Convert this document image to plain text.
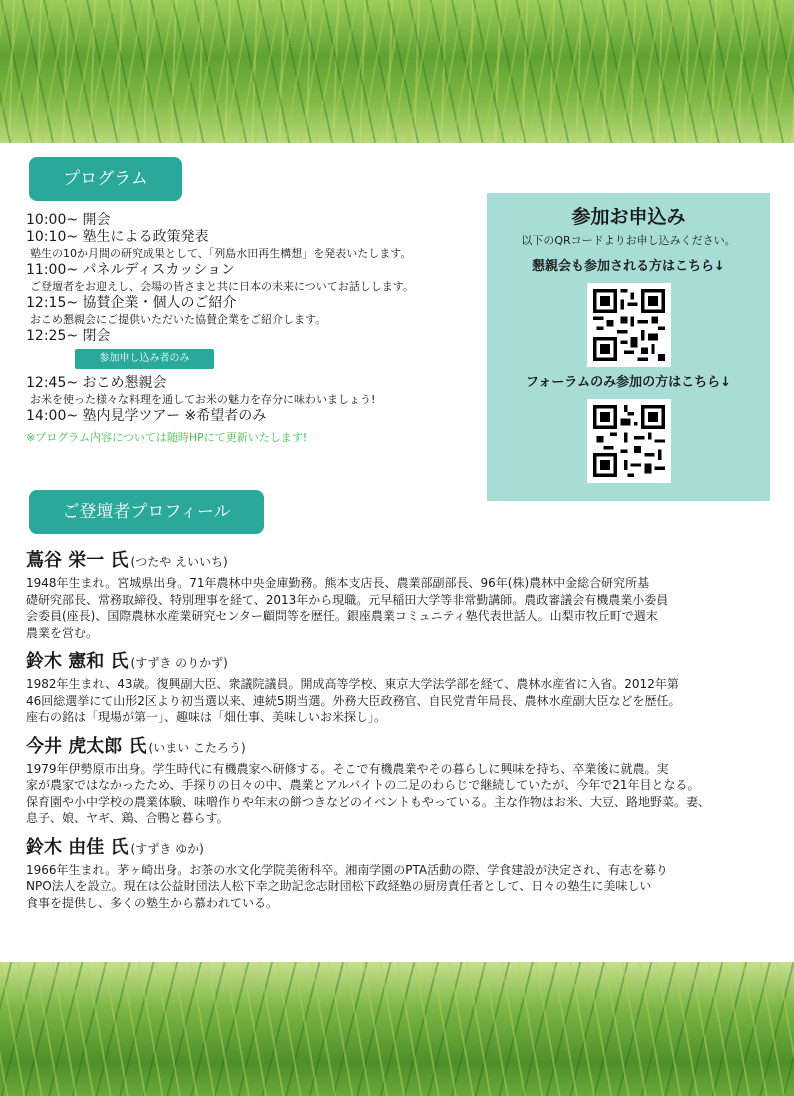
プログラム
10:00~ 開会
10:10~ 塾生による政策発表
塾生の10か月間の研究成果として、「列島水田再生構想」を発表いたします。
11:00~ パネルディスカッション
ご登壇者をお迎えし、会場の皆さまと共に日本の未来についてお話しします。
12:15~ 協賛企業・個人のご紹介
おこめ懇親会にご提供いただいた協賛企業をご紹介します。
12:25~ 閉会
参加申し込み者のみ
12:45~ おこめ懇親会
お米を使った様々な料理を通してお米の魅力を存分に味わいましょう!
14:00~ 塾内見学ツアー ※希望者のみ
※プログラム内容については随時HPにて更新いたします!
参加お申込み
以下のQRコードよりお申し込みください。
懇親会も参加される方はこちら↓
フォーラムのみ参加の方はこちら↓
ご登壇者プロフィール
蔦谷 栄一 氏 (つたや えいいち)
1948年生まれ。宮城県出身。71年農林中央金庫勤務。熊本支店長、農業部副部長、96年(株)農林中金総合研究所基
礎研究部長、常務取締役、特別理事を経て、2013年から現職。元早稲田大学等非常勤講師。農政審議会有機農業小委員
会委員(座長)、国際農林水産業研究センター顧問等を歴任。銀座農業コミュニティ塾代表世話人。山梨市牧丘町で週末
農業を営む。
鈴木 憲和 氏 (すずき のりかず)
1982年生まれ、43歳。復興副大臣、衆議院議員。開成高等学校、東京大学法学部を経て、農林水産省に入省。2012年第
46回総選挙にて山形2区より初当選以来、連続5期当選。外務大臣政務官、自民党青年局長、農林水産副大臣などを歴任。
座右の銘は「現場が第一」、趣味は「畑仕事、美味しいお米探し」。
今井 虎太郎 氏 (いまい こたろう)
1979年伊勢原市出身。学生時代に有機農家へ研修する。そこで有機農業やその暮らしに興味を持ち、卒業後に就農。実
家が農家ではなかったため、手探りの日々の中、農業とアルバイトの二足のわらじで継続していたが、今年で21年目となる。
保育園や小中学校の農業体験、味噌作りや年末の餅つきなどのイベントもやっている。主な作物はお米、大豆、路地野菜。妻、
息子、娘、ヤギ、鶏、合鴨と暮らす。
鈴木 由佳 氏 (すずき ゆか)
1966年生まれ。茅ヶ崎出身。お茶の水文化学院美術科卒。湘南学園のPTA活動の際、学食建設が決定され、有志を募り
NPO法人を設立。現在は公益財団法人松下幸之助記念志財団松下政経塾の厨房責任者として、日々の塾生に美味しい
食事を提供し、多くの塾生から慕われている。
